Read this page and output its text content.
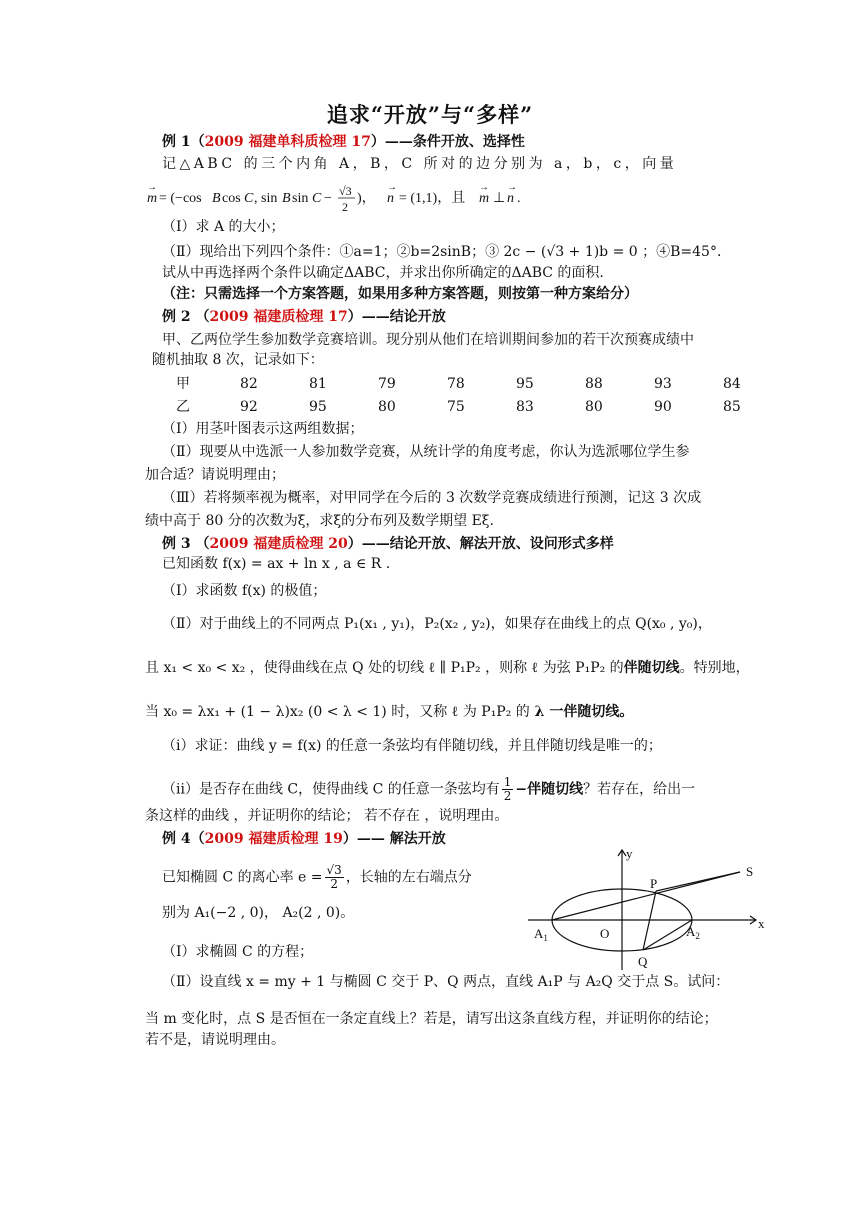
追求“开放”与“多样”
例 1（2009 福建单科质检理 17）——条件开放、选择性
记△ABC 的三个内角 A，B，C 所对的边分别为 a，b，c，向量
m
→
= (−cos B cos C , sin B sin C − √3
2
)， n
→
= (1,1)，且 m
→
⊥ n
→
.
（Ⅰ）求 A 的大小；
（Ⅱ）现给出下列四个条件：①a=1；②b=2sinB；③ 2c − (√3 + 1)b = 0 ；④B=45°．
试从中再选择两个条件以确定ΔABC，并求出你所确定的ΔABC 的面积.
（注：只需选择一个方案答题，如果用多种方案答题，则按第一种方案给分）
例 2 （2009 福建质检理 17）——结论开放
甲、乙两位学生参加数学竞赛培训。现分别从他们在培训期间参加的若干次预赛成绩中
随机抽取 8 次，记录如下：
甲	82	81	79	78	95	88	93	84
乙	92	95	80	75	83	80	90	85
（Ⅰ）用茎叶图表示这两组数据；
（Ⅱ）现要从中选派一人参加数学竞赛，从统计学的角度考虑，你认为选派哪位学生参
加合适？请说明理由；
（Ⅲ）若将频率视为概率，对甲同学在今后的 3 次数学竞赛成绩进行预测，记这 3 次成
绩中高于 80 分的次数为ξ，求ξ的分布列及数学期望 Eξ.
例 3 （2009 福建质检理 20）——结论开放、解法开放、设问形式多样
已知函数 f(x) = ax + ln x , a ∈ R .
（Ⅰ）求函数 f(x) 的极值；
（Ⅱ）对于曲线上的不同两点 P₁(x₁ , y₁)，P₂(x₂ , y₂)，如果存在曲线上的点 Q(x₀ , y₀)，
且 x₁ < x₀ < x₂ ，使得曲线在点 Q 处的切线 ℓ ∥ P₁P₂ ，则称 ℓ 为弦 P₁P₂ 的伴随切线。特别地，
当 x₀ = λx₁ + (1 − λ)x₂ (0 < λ < 1) 时，又称 ℓ 为 P₁P₂ 的 λ 一伴随切线。
（ⅰ）求证：曲线 y = f(x) 的任意一条弦均有伴随切线，并且伴随切线是唯一的；
（ⅱ）是否存在曲线 C，使得曲线 C 的任意一条弦均有 $\frac{1}{2}$ −伴随切线？若存在，给出一
条这样的曲线 ，并证明你的结论； 若不存在 ，说明理由。
例 4（2009 福建质检理 19）—— 解法开放
已知椭圆 C 的离心率 $e = \frac{√3}{2}$ ，长轴的左右端点分
别为 A₁(−2 , 0)， A₂(2 , 0)。
（Ⅰ）求椭圆 C 的方程；
（Ⅱ）设直线 x = my + 1 与椭圆 C 交于 P、Q 两点，直线 A₁P 与 A₂Q 交于点 S。试问：
当 m 变化时，点 S 是否恒在一条定直线上？若是，请写出这条直线方程，并证明你的结论；
若不是，请说明理由。
y
x
S
P
$A_1$	O	$A_2$
Q
